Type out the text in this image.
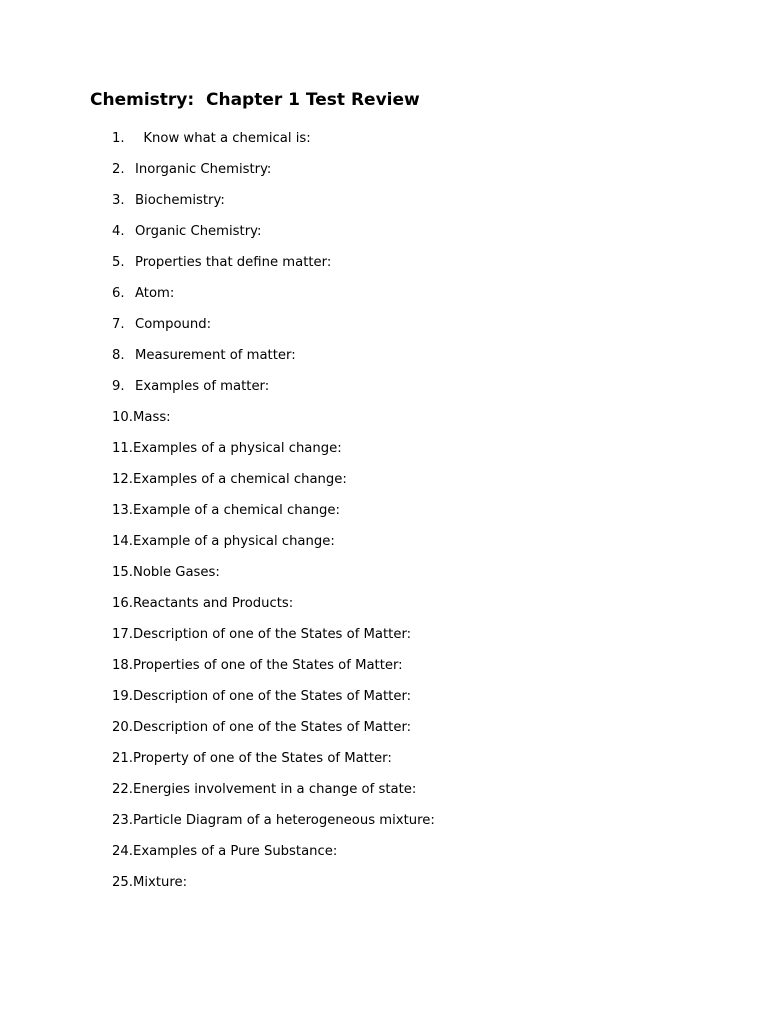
Chemistry:  Chapter 1 Test Review
1. Know what a chemical is:
2. Inorganic Chemistry:
3. Biochemistry:
4. Organic Chemistry:
5. Properties that define matter:
6. Atom:
7. Compound:
8. Measurement of matter:
9. Examples of matter:
10. Mass:
11. Examples of a physical change:
12. Examples of a chemical change:
13. Example of a chemical change:
14. Example of a physical change:
15. Noble Gases:
16. Reactants and Products:
17. Description of one of the States of Matter:
18. Properties of one of the States of Matter:
19. Description of one of the States of Matter:
20. Description of one of the States of Matter:
21. Property of one of the States of Matter:
22. Energies involvement in a change of state:
23. Particle Diagram of a heterogeneous mixture:
24. Examples of a Pure Substance:
25. Mixture:
